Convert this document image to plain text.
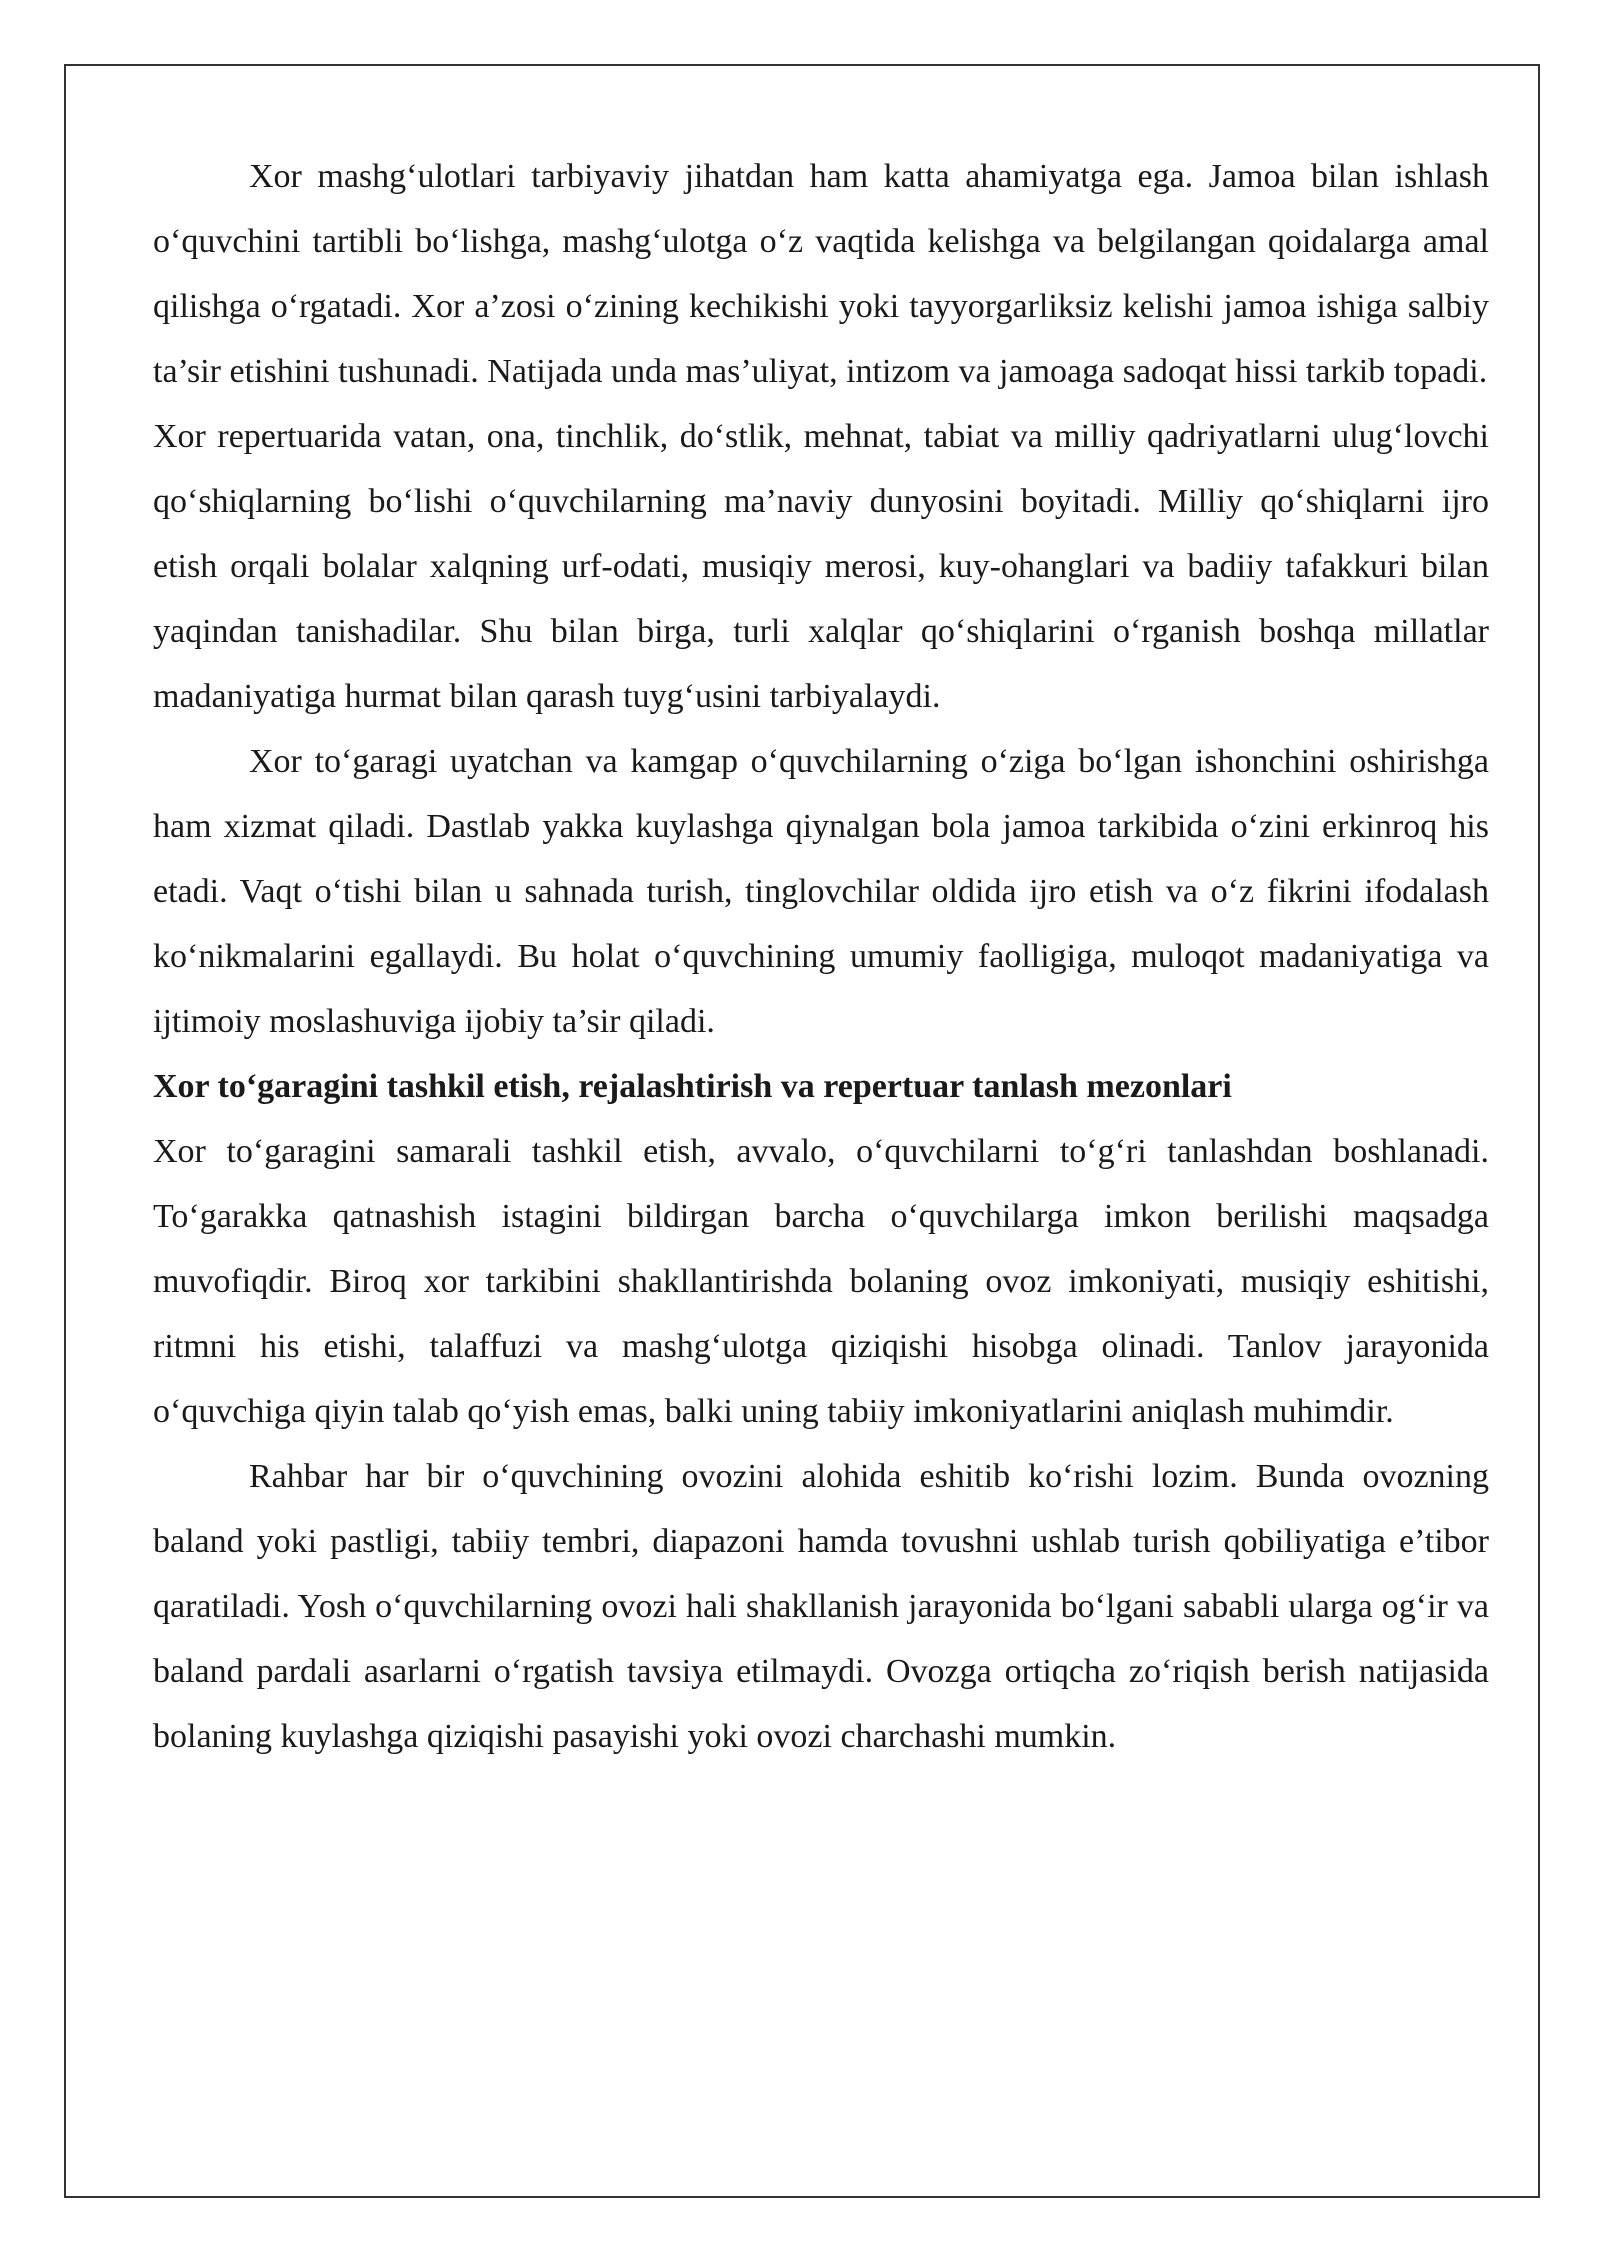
Xor mashg‘ulotlari tarbiyaviy jihatdan ham katta ahamiyatga ega. Jamoa bilan ishlash o‘quvchini tartibli bo‘lishga, mashg‘ulotga o‘z vaqtida kelishga va belgilangan qoidalarga amal qilishga o‘rgatadi. Xor a’zosi o‘zining kechikishi yoki tayyorgarliksiz kelishi jamoa ishiga salbiy ta’sir etishini tushunadi. Natijada unda mas’uliyat, intizom va jamoaga sadoqat hissi tarkib topadi.

Xor repertuarida vatan, ona, tinchlik, do‘stlik, mehnat, tabiat va milliy qadriyatlarni ulug‘lovchi qo‘shiqlarning bo‘lishi o‘quvchilarning ma’naviy dunyosini boyitadi. Milliy qo‘shiqlarni ijro etish orqali bolalar xalqning urf-odati, musiqiy merosi, kuy-ohanglari va badiiy tafakkuri bilan yaqindan tanishadilar. Shu bilan birga, turli xalqlar qo‘shiqlarini o‘rganish boshqa millatlar madaniyatiga hurmat bilan qarash tuyg‘usini tarbiyalaydi.

Xor to‘garagi uyatchan va kamgap o‘quvchilarning o‘ziga bo‘lgan ishonchini oshirishga ham xizmat qiladi. Dastlab yakka kuylashga qiynalgan bola jamoa tarkibida o‘zini erkinroq his etadi. Vaqt o‘tishi bilan u sahnada turish, tinglovchilar oldida ijro etish va o‘z fikrini ifodalash ko‘nikmalarini egallaydi. Bu holat o‘quvchining umumiy faolligiga, muloqot madaniyatiga va ijtimoiy moslashuviga ijobiy ta’sir qiladi.

Xor to‘garagini tashkil etish, rejalashtirish va repertuar tanlash mezonlari

Xor to‘garagini samarali tashkil etish, avvalo, o‘quvchilarni to‘g‘ri tanlashdan boshlanadi. To‘garakka qatnashish istagini bildirgan barcha o‘quvchilarga imkon berilishi maqsadga muvofiqdir. Biroq xor tarkibini shakllantirishda bolaning ovoz imkoniyati, musiqiy eshitishi, ritmni his etishi, talaffuzi va mashg‘ulotga qiziqishi hisobga olinadi. Tanlov jarayonida o‘quvchiga qiyin talab qo‘yish emas, balki uning tabiiy imkoniyatlarini aniqlash muhimdir.

Rahbar har bir o‘quvchining ovozini alohida eshitib ko‘rishi lozim. Bunda ovozning baland yoki pastligi, tabiiy tembri, diapazoni hamda tovushni ushlab turish qobiliyatiga e’tibor qaratiladi. Yosh o‘quvchilarning ovozi hali shakllanish jarayonida bo‘lgani sababli ularga og‘ir va baland pardali asarlarni o‘rgatish tavsiya etilmaydi. Ovozga ortiqcha zo‘riqish berish natijasida bolaning kuylashga qiziqishi pasayishi yoki ovozi charchashi mumkin.
